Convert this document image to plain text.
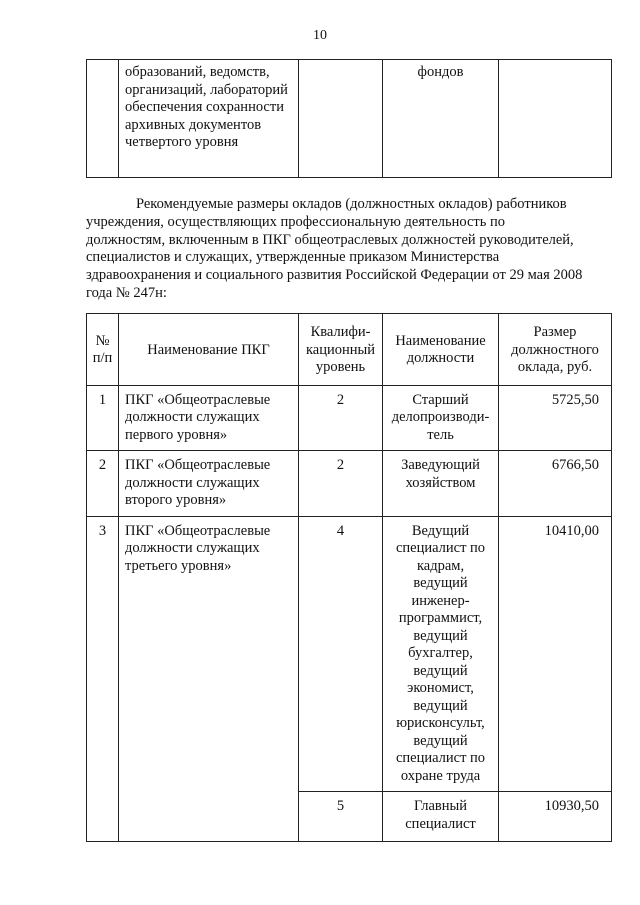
10
	образований, ведомств, организаций, лабораторий обеспечения сохранности архивных документов четвертого уровня		фондов	

Рекомендуемые размеры окладов (должностных окладов) работников

учреждения, осуществляющих профессиональную деятельность по

должностям, включенным в ПКГ общеотраслевых должностей руководителей,

специалистов и служащих, утвержденные приказом Министерства

здравоохранения и социального развития Российской Федерации от 29 мая 2008

года № 247н:

№ п/п	Наименование ПКГ	Квалифи-кационный уровень	Наименование должности	Размер должностного оклада, руб.
1	ПКГ «Общеотраслевые должности служащих первого уровня»	2	Старший делопроизводи-тель	5725,50
2	ПКГ «Общеотраслевые должности служащих второго уровня»	2	Заведующий хозяйством	6766,50
3	ПКГ «Общеотраслевые должности служащих третьего уровня»	4	Ведущий специалист по кадрам, ведущий инженер-программист, ведущий бухгалтер, ведущий экономист, ведущий юрисконсульт, ведущий специалист по охране труда	10410,00
		5	Главный специалист	10930,50
